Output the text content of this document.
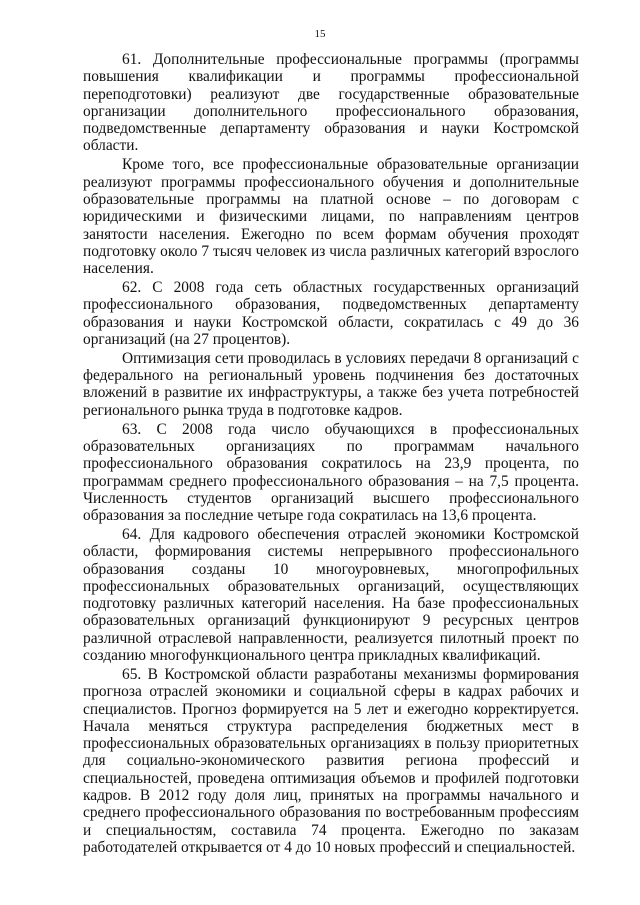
15

61. Дополнительные профессиональные программы (программы повышения квалификации и программы профессиональной переподготовки) реализуют две государственные образовательные организации дополнительного профессионального образования, подведомственные департаменту образования и науки Костромской области.

Кроме того, все профессиональные образовательные организации реализуют программы профессионального обучения и дополнительные образовательные программы на платной основе – по договорам с юридическими и физическими лицами, по направлениям центров занятости населения. Ежегодно по всем формам обучения проходят подготовку около 7 тысяч человек из числа различных категорий взрослого населения.

62. С 2008 года сеть областных государственных организаций профессионального образования, подведомственных департаменту образования и науки Костромской области, сократилась с 49 до 36 организаций (на 27 процентов).

Оптимизация сети проводилась в условиях передачи 8 организаций с федерального на региональный уровень подчинения без достаточных вложений в развитие их инфраструктуры, а также без учета потребностей регионального рынка труда в подготовке кадров.

63. С 2008 года число обучающихся в профессиональных образовательных организациях по программам начального профессионального образования сократилось на 23,9 процента, по программам среднего профессионального образования – на 7,5 процента. Численность студентов организаций высшего профессионального образования за последние четыре года сократилась на 13,6 процента.

64. Для кадрового обеспечения отраслей экономики Костромской области, формирования системы непрерывного профессионального образования созданы 10 многоуровневых, многопрофильных профессиональных образовательных организаций, осуществляющих подготовку различных категорий населения. На базе профессиональных образовательных организаций функционируют 9 ресурсных центров различной отраслевой направленности, реализуется пилотный проект по созданию многофункционального центра прикладных квалификаций.

65. В Костромской области разработаны механизмы формирования прогноза отраслей экономики и социальной сферы в кадрах рабочих и специалистов. Прогноз формируется на 5 лет и ежегодно корректируется. Начала меняться структура распределения бюджетных мест в профессиональных образовательных организациях в пользу приоритетных для социально-экономического развития региона профессий и специальностей, проведена оптимизация объемов и профилей подготовки кадров. В 2012 году доля лиц, принятых на программы начального и среднего профессионального образования по востребованным профессиям и специальностям, составила 74 процента. Ежегодно по заказам работодателей открывается от 4 до 10 новых профессий и специальностей.
